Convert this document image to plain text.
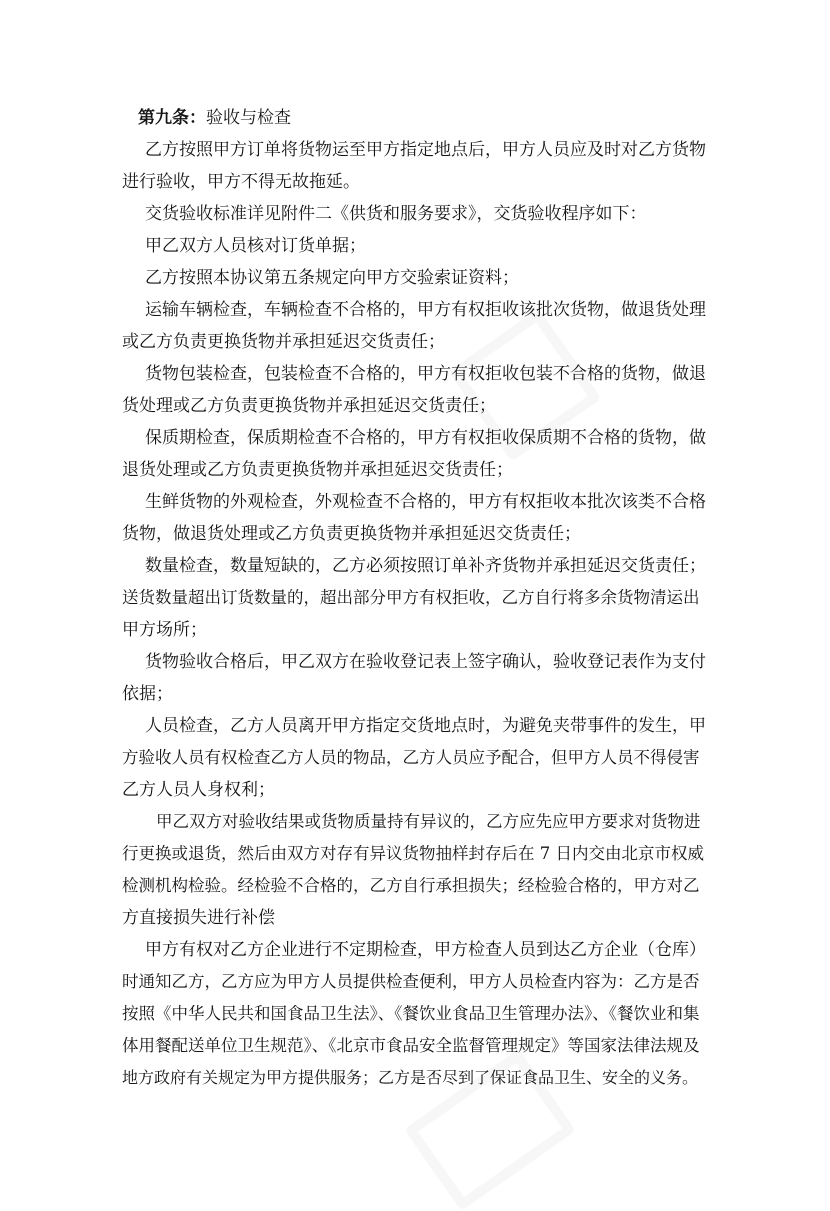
第九条：验收与检查

乙方按照甲方订单将货物运至甲方指定地点后，甲方人员应及时对乙方货物

进行验收，甲方不得无故拖延。

交货验收标准详见附件二《供货和服务要求》，交货验收程序如下：

甲乙双方人员核对订货单据；

乙方按照本协议第五条规定向甲方交验索证资料；

运输车辆检查，车辆检查不合格的，甲方有权拒收该批次货物，做退货处理

或乙方负责更换货物并承担延迟交货责任；

货物包装检查，包装检查不合格的，甲方有权拒收包装不合格的货物，做退

货处理或乙方负责更换货物并承担延迟交货责任；

保质期检查，保质期检查不合格的，甲方有权拒收保质期不合格的货物，做

退货处理或乙方负责更换货物并承担延迟交货责任；

生鲜货物的外观检查，外观检查不合格的，甲方有权拒收本批次该类不合格

货物，做退货处理或乙方负责更换货物并承担延迟交货责任；

数量检查，数量短缺的，乙方必须按照订单补齐货物并承担延迟交货责任；

送货数量超出订货数量的，超出部分甲方有权拒收，乙方自行将多余货物清运出

甲方场所；

货物验收合格后，甲乙双方在验收登记表上签字确认，验收登记表作为支付

依据；

人员检查，乙方人员离开甲方指定交货地点时，为避免夹带事件的发生，甲

方验收人员有权检查乙方人员的物品，乙方人员应予配合，但甲方人员不得侵害

乙方人员人身权利；

甲乙双方对验收结果或货物质量持有异议的，乙方应先应甲方要求对货物进

行更换或退货，然后由双方对存有异议货物抽样封存后在 7 日内交由北京市权威

检测机构检验。经检验不合格的，乙方自行承担损失；经检验合格的，甲方对乙

方直接损失进行补偿

甲方有权对乙方企业进行不定期检查，甲方检查人员到达乙方企业（仓库）

时通知乙方，乙方应为甲方人员提供检查便利，甲方人员检查内容为：乙方是否

按照《中华人民共和国食品卫生法》、《餐饮业食品卫生管理办法》、《餐饮业和集

体用餐配送单位卫生规范》、《北京市食品安全监督管理规定》等国家法律法规及

地方政府有关规定为甲方提供服务；乙方是否尽到了保证食品卫生、安全的义务。
